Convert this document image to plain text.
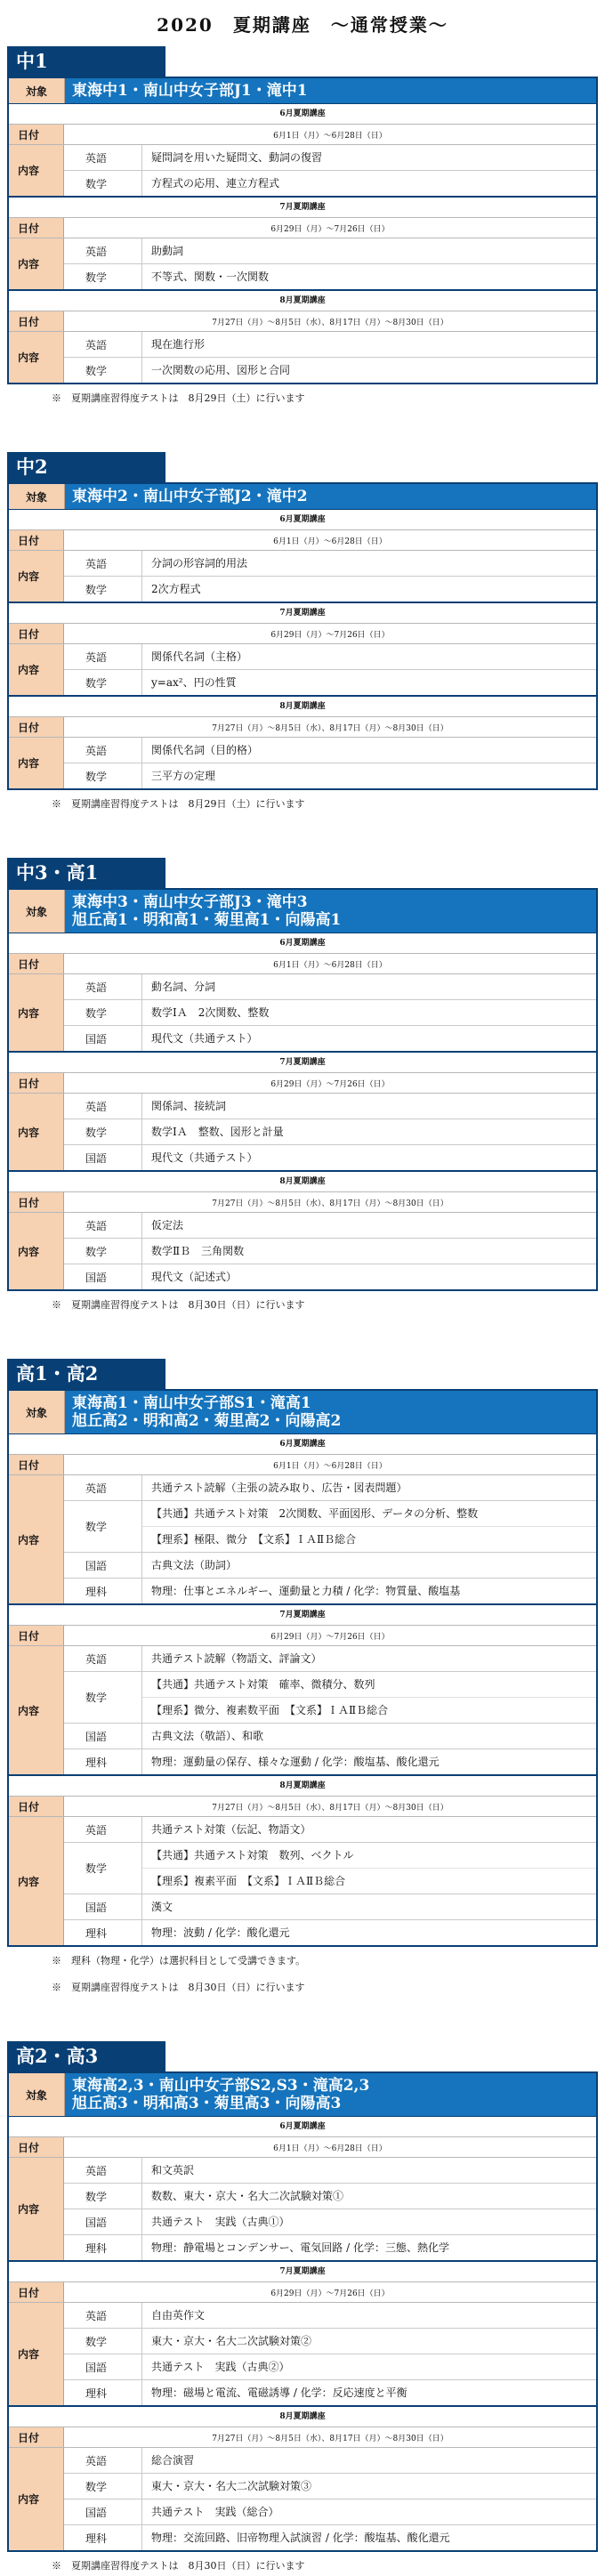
2020　夏期講座　～通常授業～
中1
対象	東海中1・南山中女子部J1・滝中1
6月夏期講座
日付	6月1日（月）～6月28日（日）
内容
英語	疑問詞を用いた疑問文、動詞の復習
数学	方程式の応用、連立方程式
7月夏期講座
日付	6月29日（月）～7月26日（日）
内容
英語	助動詞
数学	不等式、関数・一次関数
8月夏期講座
日付	7月27日（月）～8月5日（水）、8月17日（月）～8月30日（日）
内容
英語	現在進行形
数学	一次関数の応用、図形と合同
※　夏期講座習得度テストは　8月29日（土）に行います
中2
対象	東海中2・南山中女子部J2・滝中2
6月夏期講座
日付	6月1日（月）～6月28日（日）
内容
英語	分詞の形容詞的用法
数学	2次方程式
7月夏期講座
日付	6月29日（月）～7月26日（日）
内容
英語	関係代名詞（主格）
数学	y=ax²、円の性質
8月夏期講座
日付	7月27日（月）～8月5日（水）、8月17日（月）～8月30日（日）
内容
英語	関係代名詞（目的格）
数学	三平方の定理
※　夏期講座習得度テストは　8月29日（土）に行います
中3・高1
対象
東海中3・南山中女子部J3・滝中3
旭丘高1・明和高1・菊里高1・向陽高1
6月夏期講座
日付	6月1日（月）～6月28日（日）
内容
英語	動名詞、分詞
数学	数学ⅠＡ　2次関数、整数
国語	現代文（共通テスト）
7月夏期講座
日付	6月29日（月）～7月26日（日）
内容
英語	関係詞、接続詞
数学	数学ⅠＡ　整数、図形と計量
国語	現代文（共通テスト）
8月夏期講座
日付	7月27日（月）～8月5日（水）、8月17日（月）～8月30日（日）
内容
英語	仮定法
数学	数学ⅡＢ　三角関数
国語	現代文（記述式）
※　夏期講座習得度テストは　8月30日（日）に行います
高1・高2
対象
東海高1・南山中女子部S1・滝高1
旭丘高2・明和高2・菊里高2・向陽高2
6月夏期講座
日付	6月1日（月）～6月28日（日）
内容
英語	共通テスト読解（主張の読み取り、広告・図表問題）
数学
【共通】共通テスト対策　2次関数、平面図形、データの分析、整数
【理系】極限、微分　【文系】ＩＡⅡＢ総合
国語	古典文法（助詞）
理科	物理：仕事とエネルギー、運動量と力積 / 化学：物質量、酸塩基
7月夏期講座
日付	6月29日（月）～7月26日（日）
内容
英語	共通テスト読解（物語文、評論文）
数学
【共通】共通テスト対策　確率、微積分、数列
【理系】微分、複素数平面　【文系】ＩＡⅡＢ総合
国語	古典文法（敬語）、和歌
理科	物理：運動量の保存、様々な運動 / 化学：酸塩基、酸化還元
8月夏期講座
日付	7月27日（月）～8月5日（水）、8月17日（月）～8月30日（日）
内容
英語	共通テスト対策（伝記、物語文）
数学
【共通】共通テスト対策　数列、ベクトル
【理系】複素平面　【文系】ＩＡⅡＢ総合
国語	漢文
理科	物理：波動 / 化学：酸化還元
※　理科（物理・化学）は選択科目として受講できます。
※　夏期講座習得度テストは　8月30日（日）に行います
高2・高3
対象
東海高2,3・南山中女子部S2,S3・滝高2,3
旭丘高3・明和高3・菊里高3・向陽高3
6月夏期講座
日付	6月1日（月）～6月28日（日）
内容
英語	和文英訳
数学	数数、東大・京大・名大二次試験対策①
国語	共通テスト　実践（古典①）
理科	物理：静電場とコンデンサー、電気回路 / 化学：三態、熱化学
7月夏期講座
日付	6月29日（月）～7月26日（日）
内容
英語	自由英作文
数学	東大・京大・名大二次試験対策②
国語	共通テスト　実践（古典②）
理科	物理：磁場と電流、電磁誘導 / 化学：反応速度と平衡
8月夏期講座
日付	7月27日（月）～8月5日（水）、8月17日（月）～8月30日（日）
内容
英語	総合演習
数学	東大・京大・名大二次試験対策③
国語	共通テスト　実践（総合）
理科	物理：交流回路、旧帝物理入試演習 / 化学：酸塩基、酸化還元
※　夏期講座習得度テストは　8月30日（日）に行います
